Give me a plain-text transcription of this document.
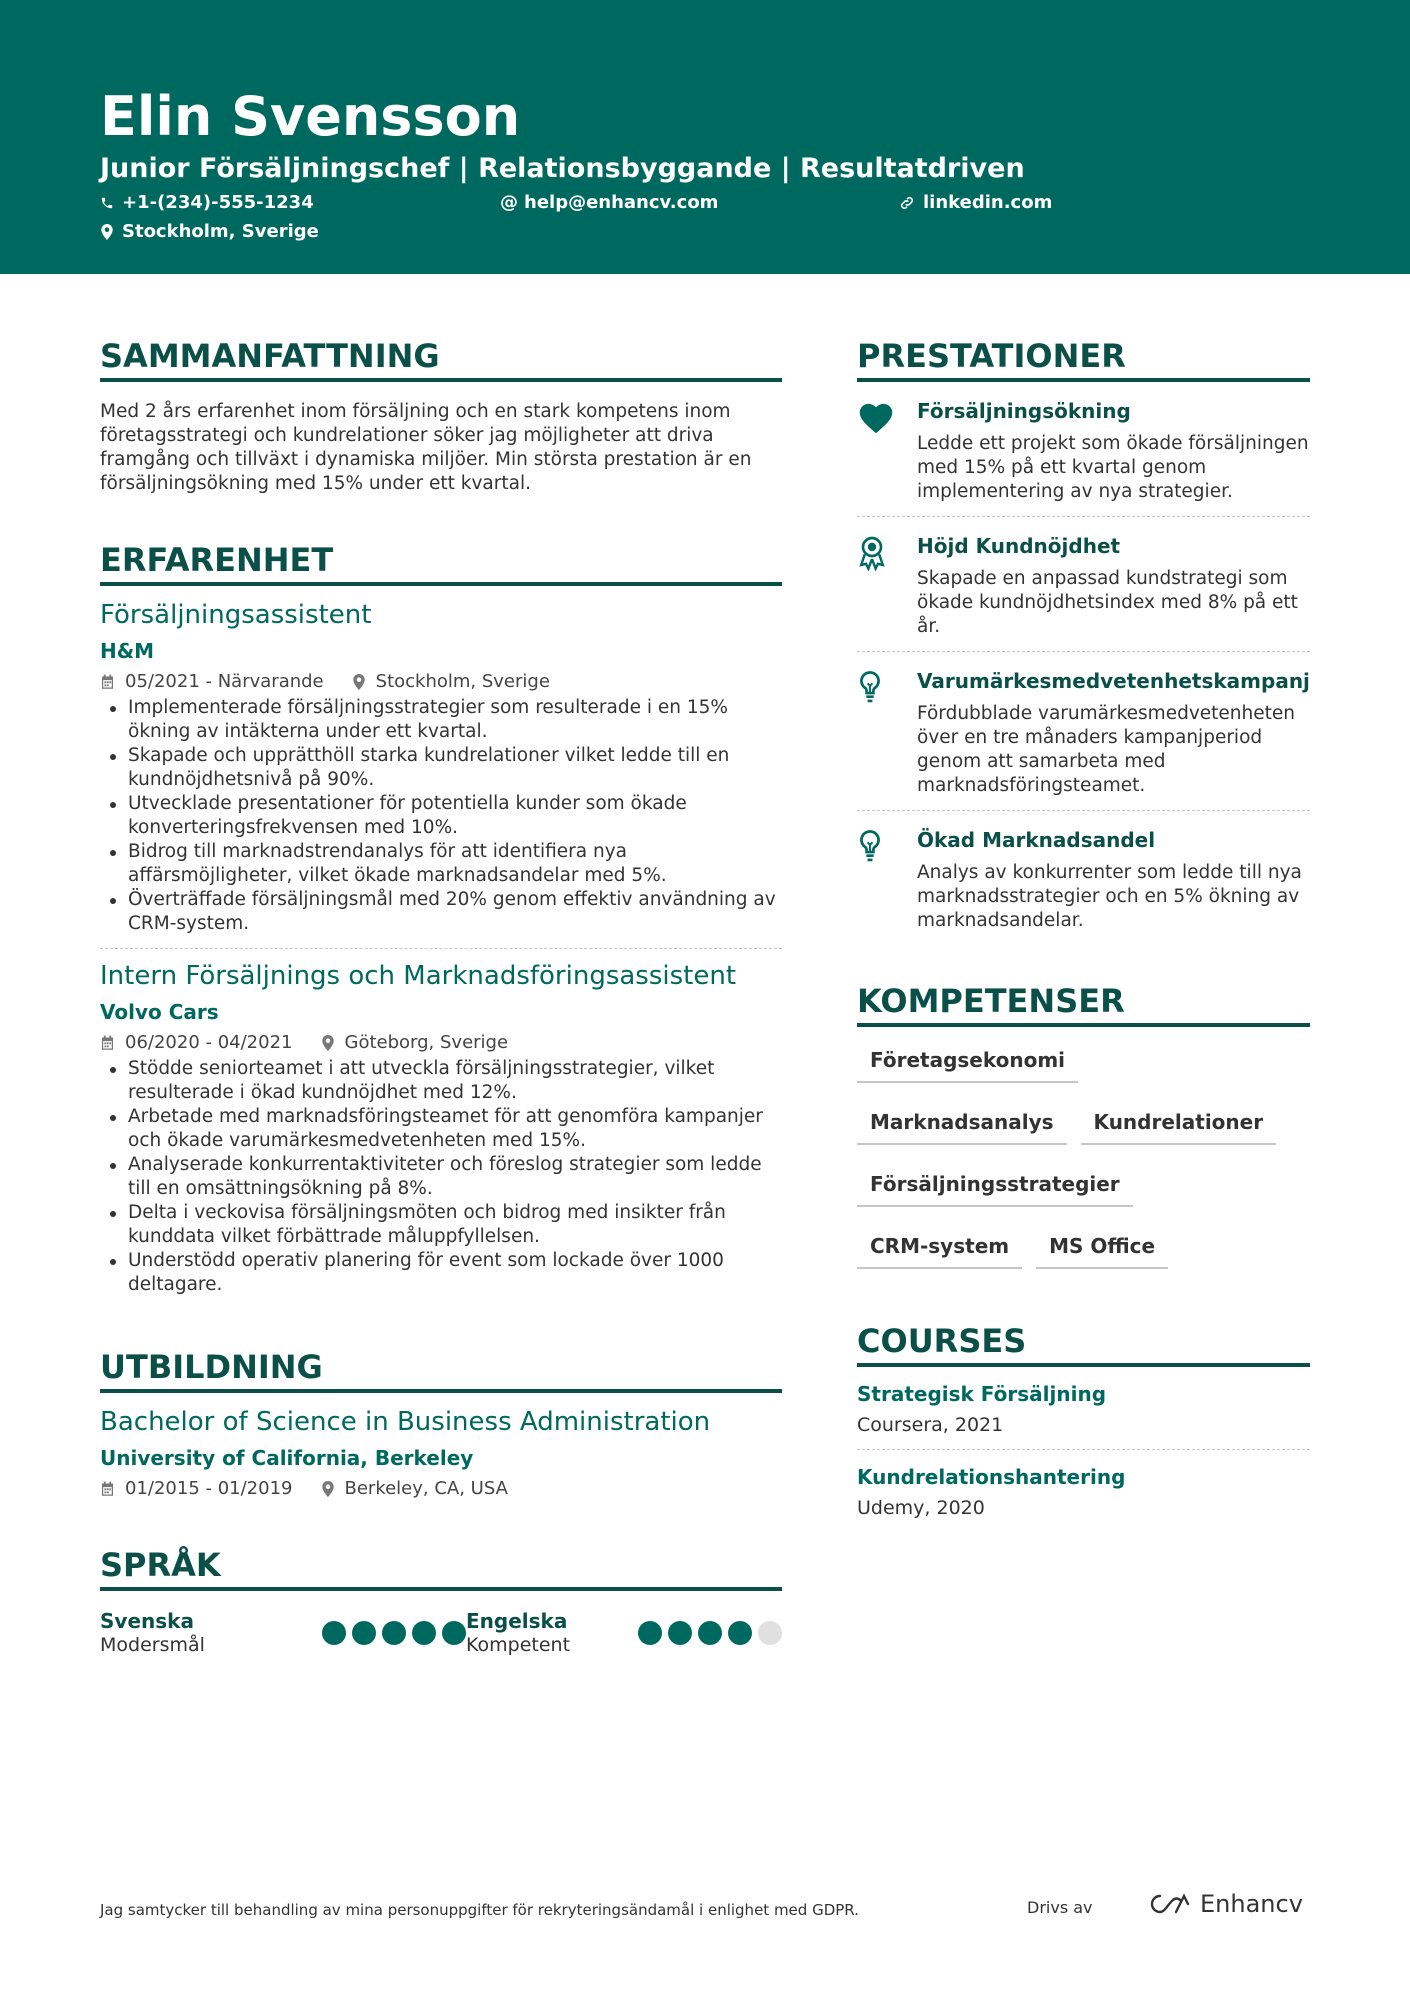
Elin Svensson
Junior Försäljningschef | Relationsbyggande | Resultatdriven
+1-(234)-555-1234	@ help@enhancv.com	linkedin.com
Stockholm, Sverige
SAMMANFATTNING
Med 2 års erfarenhet inom försäljning och en stark kompetens inom företagsstrategi och kundrelationer söker jag möjligheter att driva framgång och tillväxt i dynamiska miljöer. Min största prestation är en försäljningsökning med 15% under ett kvartal.
ERFARENHET
Försäljningsassistent
H&M
05/2021 - Närvarande	Stockholm, Sverige
Implementerade försäljningsstrategier som resulterade i en 15% ökning av intäkterna under ett kvartal.
Skapade och upprätthöll starka kundrelationer vilket ledde till en kundnöjdhetsnivå på 90%.
Utvecklade presentationer för potentiella kunder som ökade konverteringsfrekvensen med 10%.
Bidrog till marknadstrendanalys för att identifiera nya affärsmöjligheter, vilket ökade marknadsandelar med 5%.
Överträffade försäljningsmål med 20% genom effektiv användning av CRM-system.
Intern Försäljnings och Marknadsföringsassistent
Volvo Cars
06/2020 - 04/2021	Göteborg, Sverige
Stödde seniorteamet i att utveckla försäljningsstrategier, vilket resulterade i ökad kundnöjdhet med 12%.
Arbetade med marknadsföringsteamet för att genomföra kampanjer och ökade varumärkesmedvetenheten med 15%.
Analyserade konkurrentaktiviteter och föreslog strategier som ledde till en omsättningsökning på 8%.
Delta i veckovisa försäljningsmöten och bidrog med insikter från kunddata vilket förbättrade måluppfyllelsen.
Understödd operativ planering för event som lockade över 1000 deltagare.
UTBILDNING
Bachelor of Science in Business Administration
University of California, Berkeley
01/2015 - 01/2019	Berkeley, CA, USA
SPRÅK
Svenska
Modersmål
Engelska
Kompetent
PRESTATIONER
Försäljningsökning
Ledde ett projekt som ökade försäljningen med 15% på ett kvartal genom implementering av nya strategier.
Höjd Kundnöjdhet
Skapade en anpassad kundstrategi som ökade kundnöjdhetsindex med 8% på ett år.
Varumärkesmedvetenhetskampanj
Fördubblade varumärkesmedvetenheten över en tre månaders kampanjperiod genom att samarbeta med marknadsföringsteamet.
Ökad Marknadsandel
Analys av konkurrenter som ledde till nya marknadsstrategier och en 5% ökning av marknadsandelar.
KOMPETENSER
Företagsekonomi
Marknadsanalys	Kundrelationer
Försäljningsstrategier
CRM-system	MS Office
COURSES
Strategisk Försäljning
Coursera, 2021
Kundrelationshantering
Udemy, 2020
Jag samtycker till behandling av mina personuppgifter för rekryteringsändamål i enlighet med GDPR.	Drivs av	Enhancv
